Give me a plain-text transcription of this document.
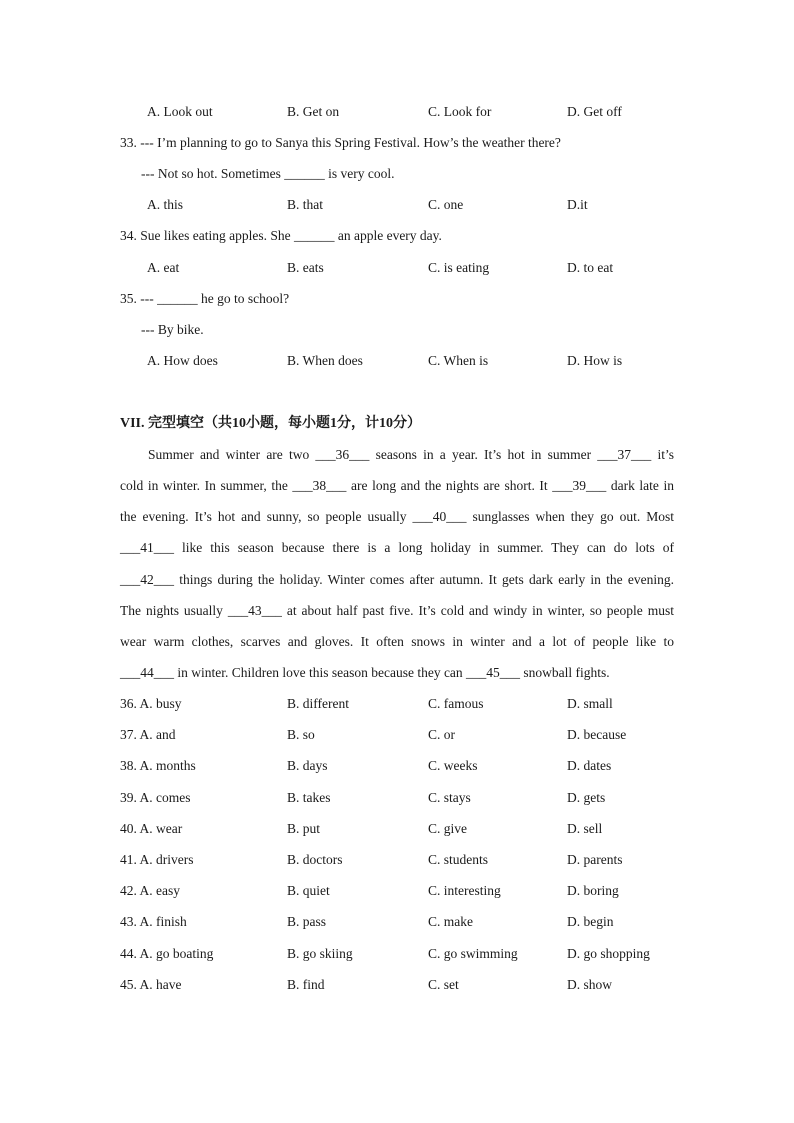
A. Look out	B. Get on	C. Look for	D. Get off
33. --- I’m planning to go to Sanya this Spring Festival. How’s the weather there?
--- Not so hot. Sometimes ______ is very cool.
A. this	B. that	C. one	D.it
34. Sue likes eating apples. She ______ an apple every day.
A. eat	B. eats	C. is eating	D. to eat
35. --- ______ he go to school?
--- By bike.
A. How does	B. When does	C. When is	D. How is
VII. 完型填空（共10小题，每小题1分，计10分）
Summer and winter are two ___36___ seasons in a year. It’s hot in summer ___37___ it’s
cold in winter. In summer, the ___38___ are long and the nights are short. It ___39___ dark late in
the evening. It’s hot and sunny, so people usually ___40___ sunglasses when they go out. Most
___41___ like this season because there is a long holiday in summer. They can do lots of
___42___ things during the holiday. Winter comes after autumn. It gets dark early in the evening.
The nights usually ___43___ at about half past five. It’s cold and windy in winter, so people must
wear warm clothes, scarves and gloves. It often snows in winter and a lot of people like to
___44___ in winter. Children love this season because they can ___45___ snowball fights.
36. A. busy	B. different	C. famous	D. small
37. A. and	B. so	C. or	D. because
38. A. months	B. days	C. weeks	D. dates
39. A. comes	B. takes	C. stays	D. gets
40. A. wear	B. put	C. give	D. sell
41. A. drivers	B. doctors	C. students	D. parents
42. A. easy	B. quiet	C. interesting	D. boring
43. A. finish	B. pass	C. make	D. begin
44. A. go boating	B. go skiing	C. go swimming	D. go shopping
45. A. have	B. find	C. set	D. show
